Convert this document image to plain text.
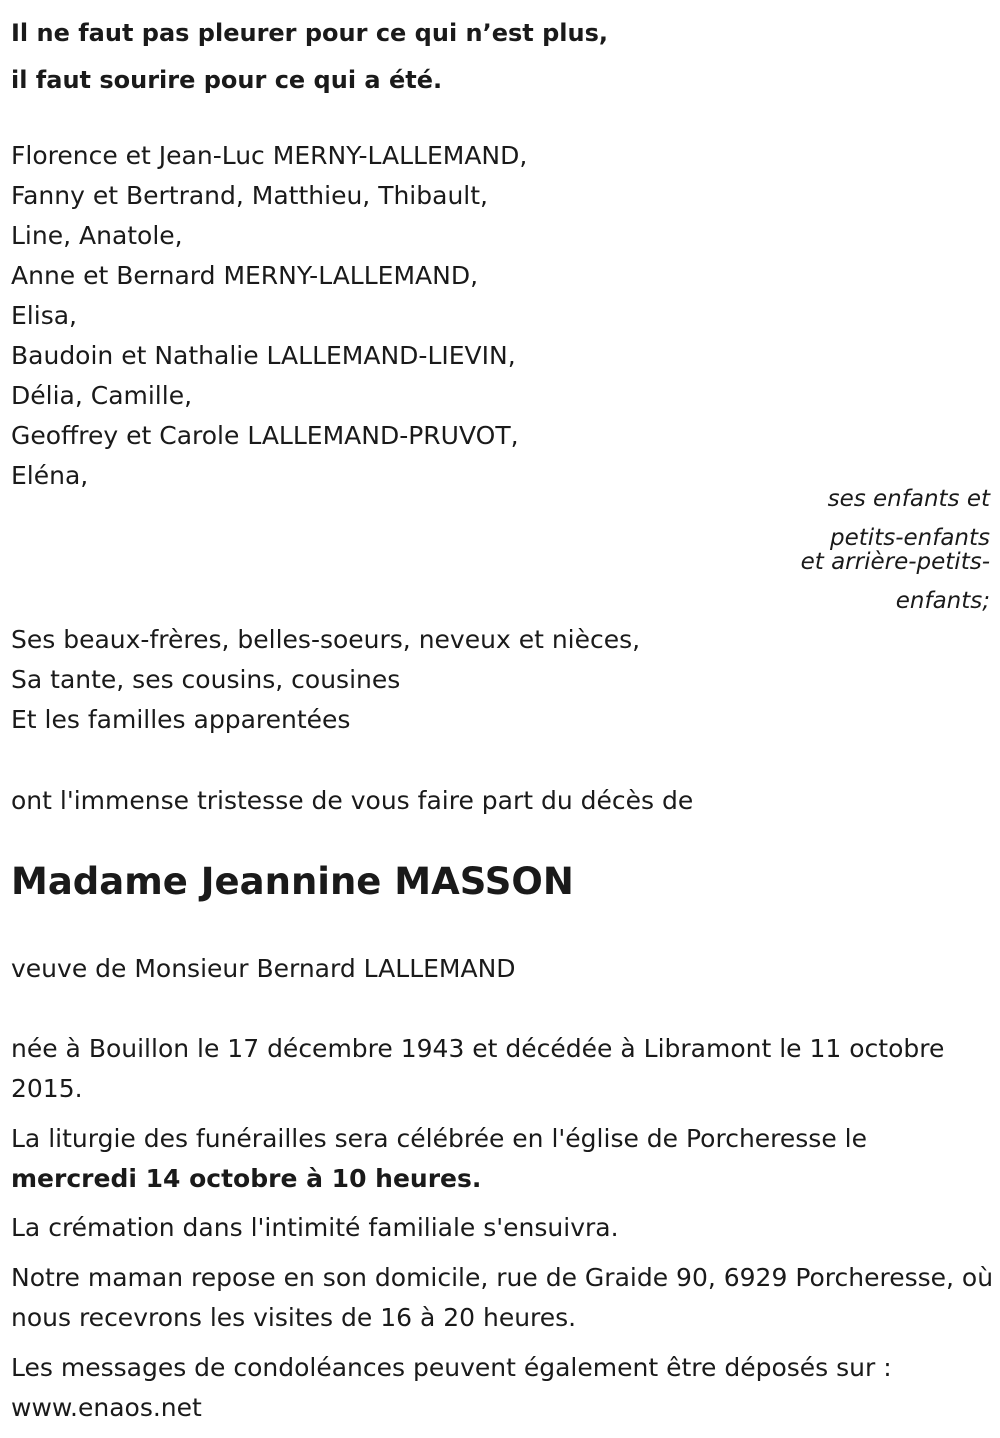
Il ne faut pas pleurer pour ce qui n’est plus,
il faut sourire pour ce qui a été.
Florence et Jean-Luc MERNY-LALLEMAND,
Fanny et Bertrand, Matthieu, Thibault,
Line, Anatole,
Anne et Bernard MERNY-LALLEMAND,
Elisa,
Baudoin et Nathalie LALLEMAND-LIEVIN,
Délia, Camille,
Geoffrey et Carole LALLEMAND-PRUVOT,
Eléna,
ses enfants et
petits-enfants
et arrière-petits-
enfants;
Ses beaux-frères, belles-soeurs, neveux et nièces,
Sa tante, ses cousins, cousines
Et les familles apparentées
ont l'immense tristesse de vous faire part du décès de
Madame Jeannine MASSON
veuve de Monsieur Bernard LALLEMAND
née à Bouillon le 17 décembre 1943 et décédée à Libramont le 11 octobre 2015.
La liturgie des funérailles sera célébrée en l'église de Porcheresse le mercredi 14 octobre à 10 heures.
La crémation dans l'intimité familiale s'ensuivra.
Notre maman repose en son domicile, rue de Graide 90, 6929 Porcheresse, où nous recevrons les visites de 16 à 20 heures.
Les messages de condoléances peuvent également être déposés sur : www.enaos.net
